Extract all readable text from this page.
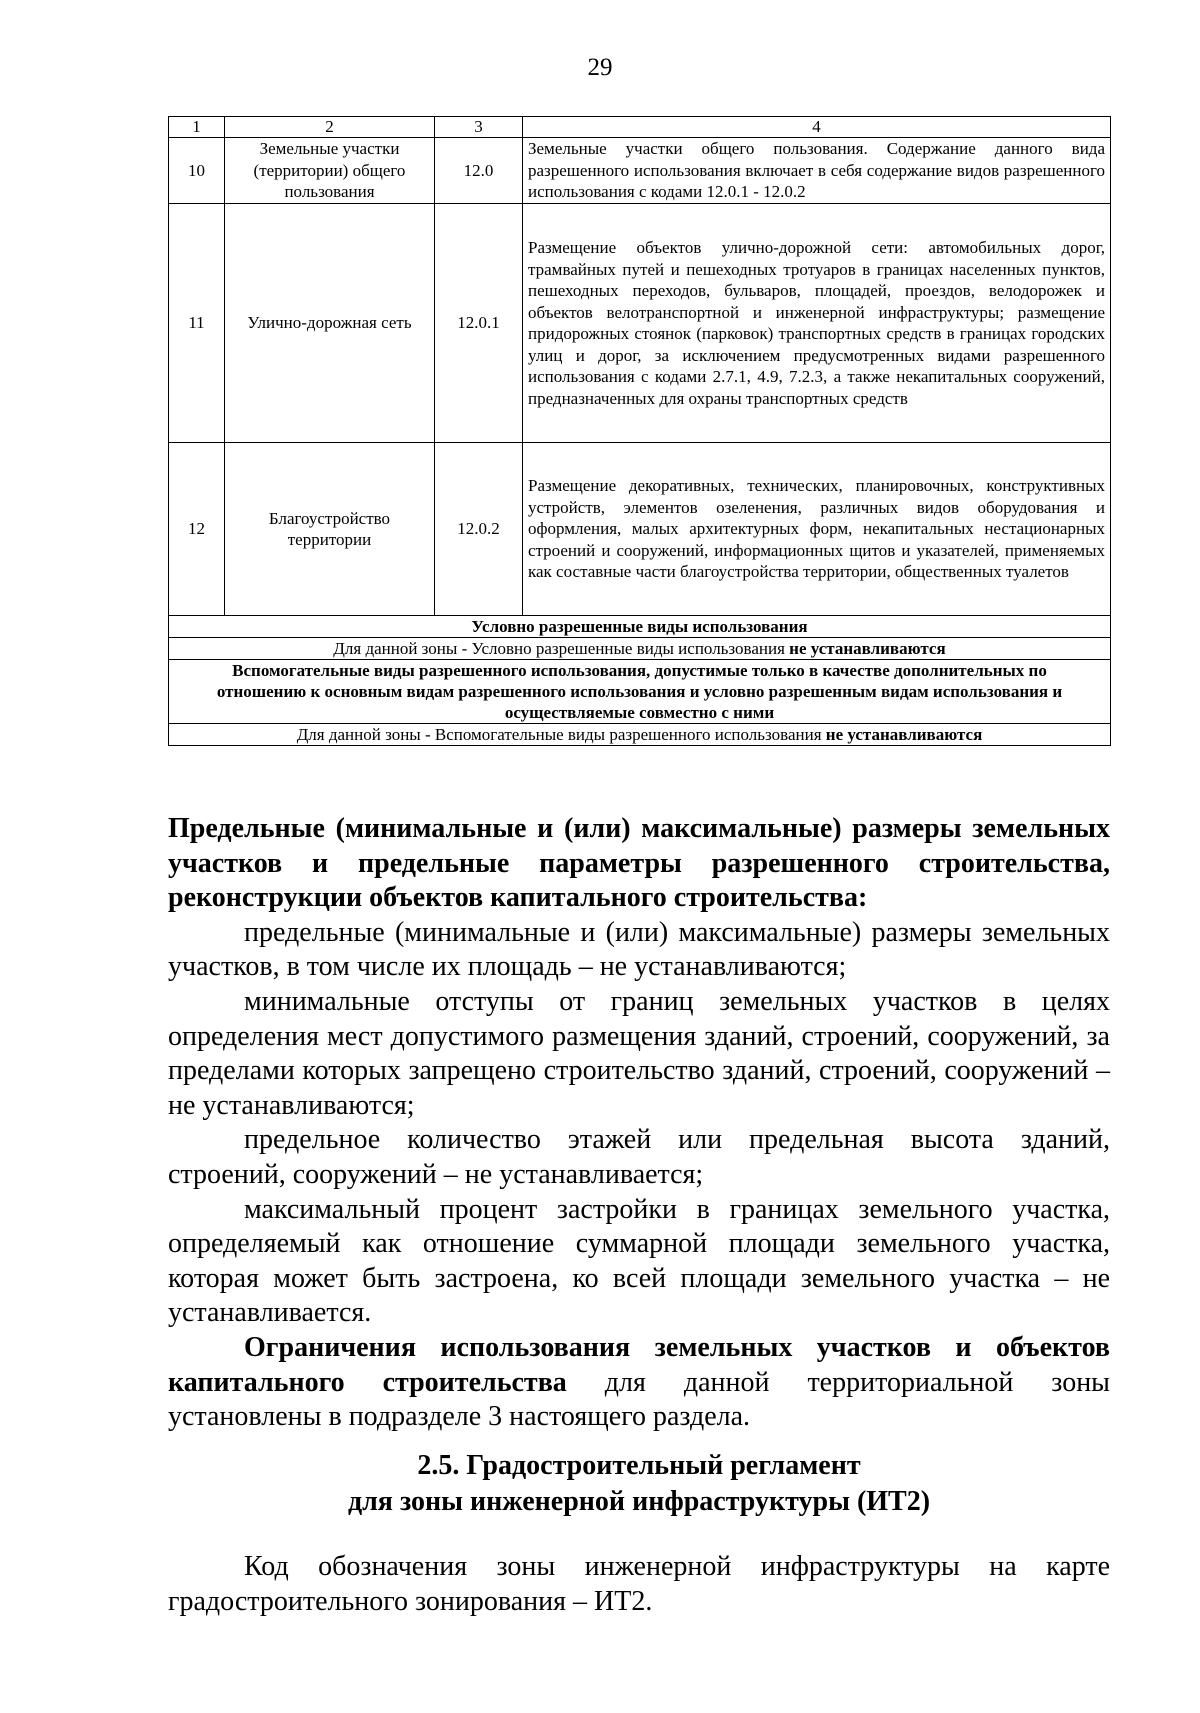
29
1	2	3	4
10	Земельные участки (территории) общего пользования	12.0	Земельные участки общего пользования. Содержание данного вида разрешенного использования включает в себя содержание видов разрешенного использования с кодами 12.0.1 - 12.0.2
11	Улично-дорожная сеть	12.0.1	Размещение объектов улично-дорожной сети: автомобильных дорог, трамвайных путей и пешеходных тротуаров в границах населенных пунктов, пешеходных переходов, бульваров, площадей, проездов, велодорожек и объектов велотранспортной и инженерной инфраструктуры; размещение придорожных стоянок (парковок) транспортных средств в границах городских улиц и дорог, за исключением предусмотренных видами разрешенного использования с кодами 2.7.1, 4.9, 7.2.3, а также некапитальных сооружений, предназначенных для охраны транспортных средств
12	Благоустройство территории	12.0.2	Размещение декоративных, технических, планировочных, конструктивных устройств, элементов озеленения, различных видов оборудования и оформления, малых архитектурных форм, некапитальных нестационарных строений и сооружений, информационных щитов и указателей, применяемых как составные части благоустройства территории, общественных туалетов
Условно разрешенные виды использования			
Для данной зоны - Условно разрешенные виды использования не устанавливаются			
Вспомогательные виды разрешенного использования, допустимые только в качестве дополнительных по отношению к основным видам разрешенного использования и условно разрешенным видам использования и осуществляемые совместно с ними			
Для данной зоны - Вспомогательные виды разрешенного использования не устанавливаются			

Предельные (минимальные и (или) максимальные) размеры земельных участков и предельные параметры разрешенного строительства, реконструкции объектов капитального строительства:

предельные (минимальные и (или) максимальные) размеры земельных участков, в том числе их площадь – не устанавливаются;

минимальные отступы от границ земельных участков в целях определения мест допустимого размещения зданий, строений, сооружений, за пределами которых запрещено строительство зданий, строений, сооружений – не устанавливаются;

предельное количество этажей или предельная высота зданий, строений, сооружений – не устанавливается;

максимальный процент застройки в границах земельного участка, определяемый как отношение суммарной площади земельного участка, которая может быть застроена, ко всей площади земельного участка – не устанавливается.

Ограничения использования земельных участков и объектов капитального строительства для данной территориальной зоны установлены в подразделе 3 настоящего раздела.

2.5. Градостроительный регламент
для зоны инженерной инфраструктуры (ИТ2)

Код обозначения зоны инженерной инфраструктуры на карте градостроительного зонирования – ИТ2.
